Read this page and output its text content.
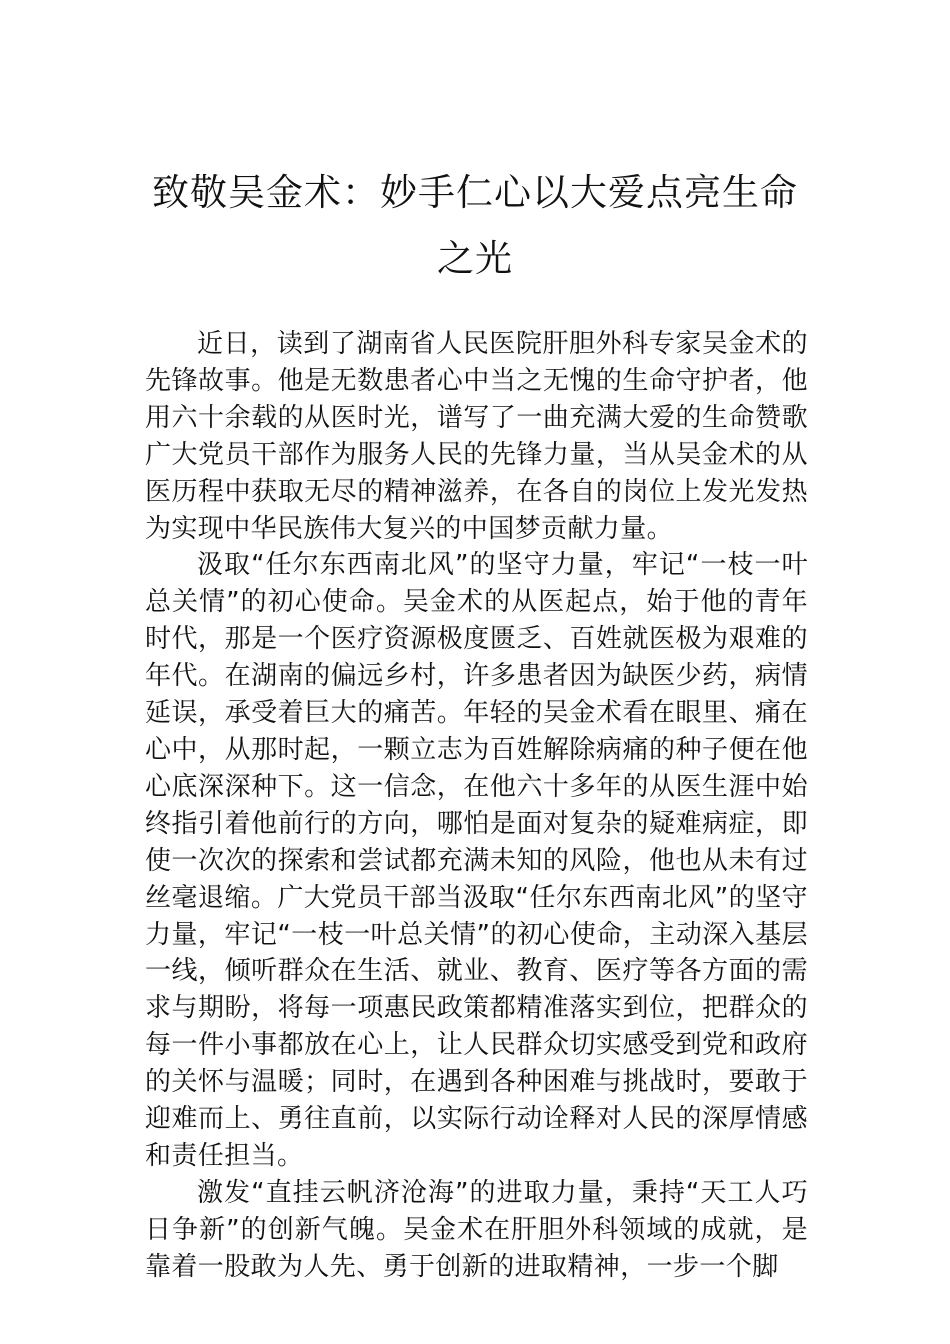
致敬吴金术：妙手仁心以大爱点亮生命之光

近日，读到了湖南省人民医院肝胆外科专家吴金术的先锋故事。他是无数患者心中当之无愧的生命守护者，他用六十余载的从医时光，谱写了一曲充满大爱的生命赞歌广大党员干部作为服务人民的先锋力量，当从吴金术的从医历程中获取无尽的精神滋养，在各自的岗位上发光发热为实现中华民族伟大复兴的中国梦贡献力量。

汲取“任尔东西南北风”的坚守力量，牢记“一枝一叶总关情”的初心使命。吴金术的从医起点，始于他的青年时代，那是一个医疗资源极度匮乏、百姓就医极为艰难的年代。在湖南的偏远乡村，许多患者因为缺医少药，病情延误，承受着巨大的痛苦。年轻的吴金术看在眼里、痛在心中，从那时起，一颗立志为百姓解除病痛的种子便在他心底深深种下。这一信念，在他六十多年的从医生涯中始终指引着他前行的方向，哪怕是面对复杂的疑难病症，即使一次次的探索和尝试都充满未知的风险，他也从未有过丝毫退缩。广大党员干部当汲取“任尔东西南北风”的坚守力量，牢记“一枝一叶总关情”的初心使命，主动深入基层一线，倾听群众在生活、就业、教育、医疗等各方面的需求与期盼，将每一项惠民政策都精准落实到位，把群众的每一件小事都放在心上，让人民群众切实感受到党和政府的关怀与温暖；同时，在遇到各种困难与挑战时，要敢于迎难而上、勇往直前，以实际行动诠释对人民的深厚情感和责任担当。

激发“直挂云帆济沧海”的进取力量，秉持“天工人巧日争新”的创新气魄。吴金术在肝胆外科领域的成就，是靠着一股敢为人先、勇于创新的进取精神，一步一个脚
